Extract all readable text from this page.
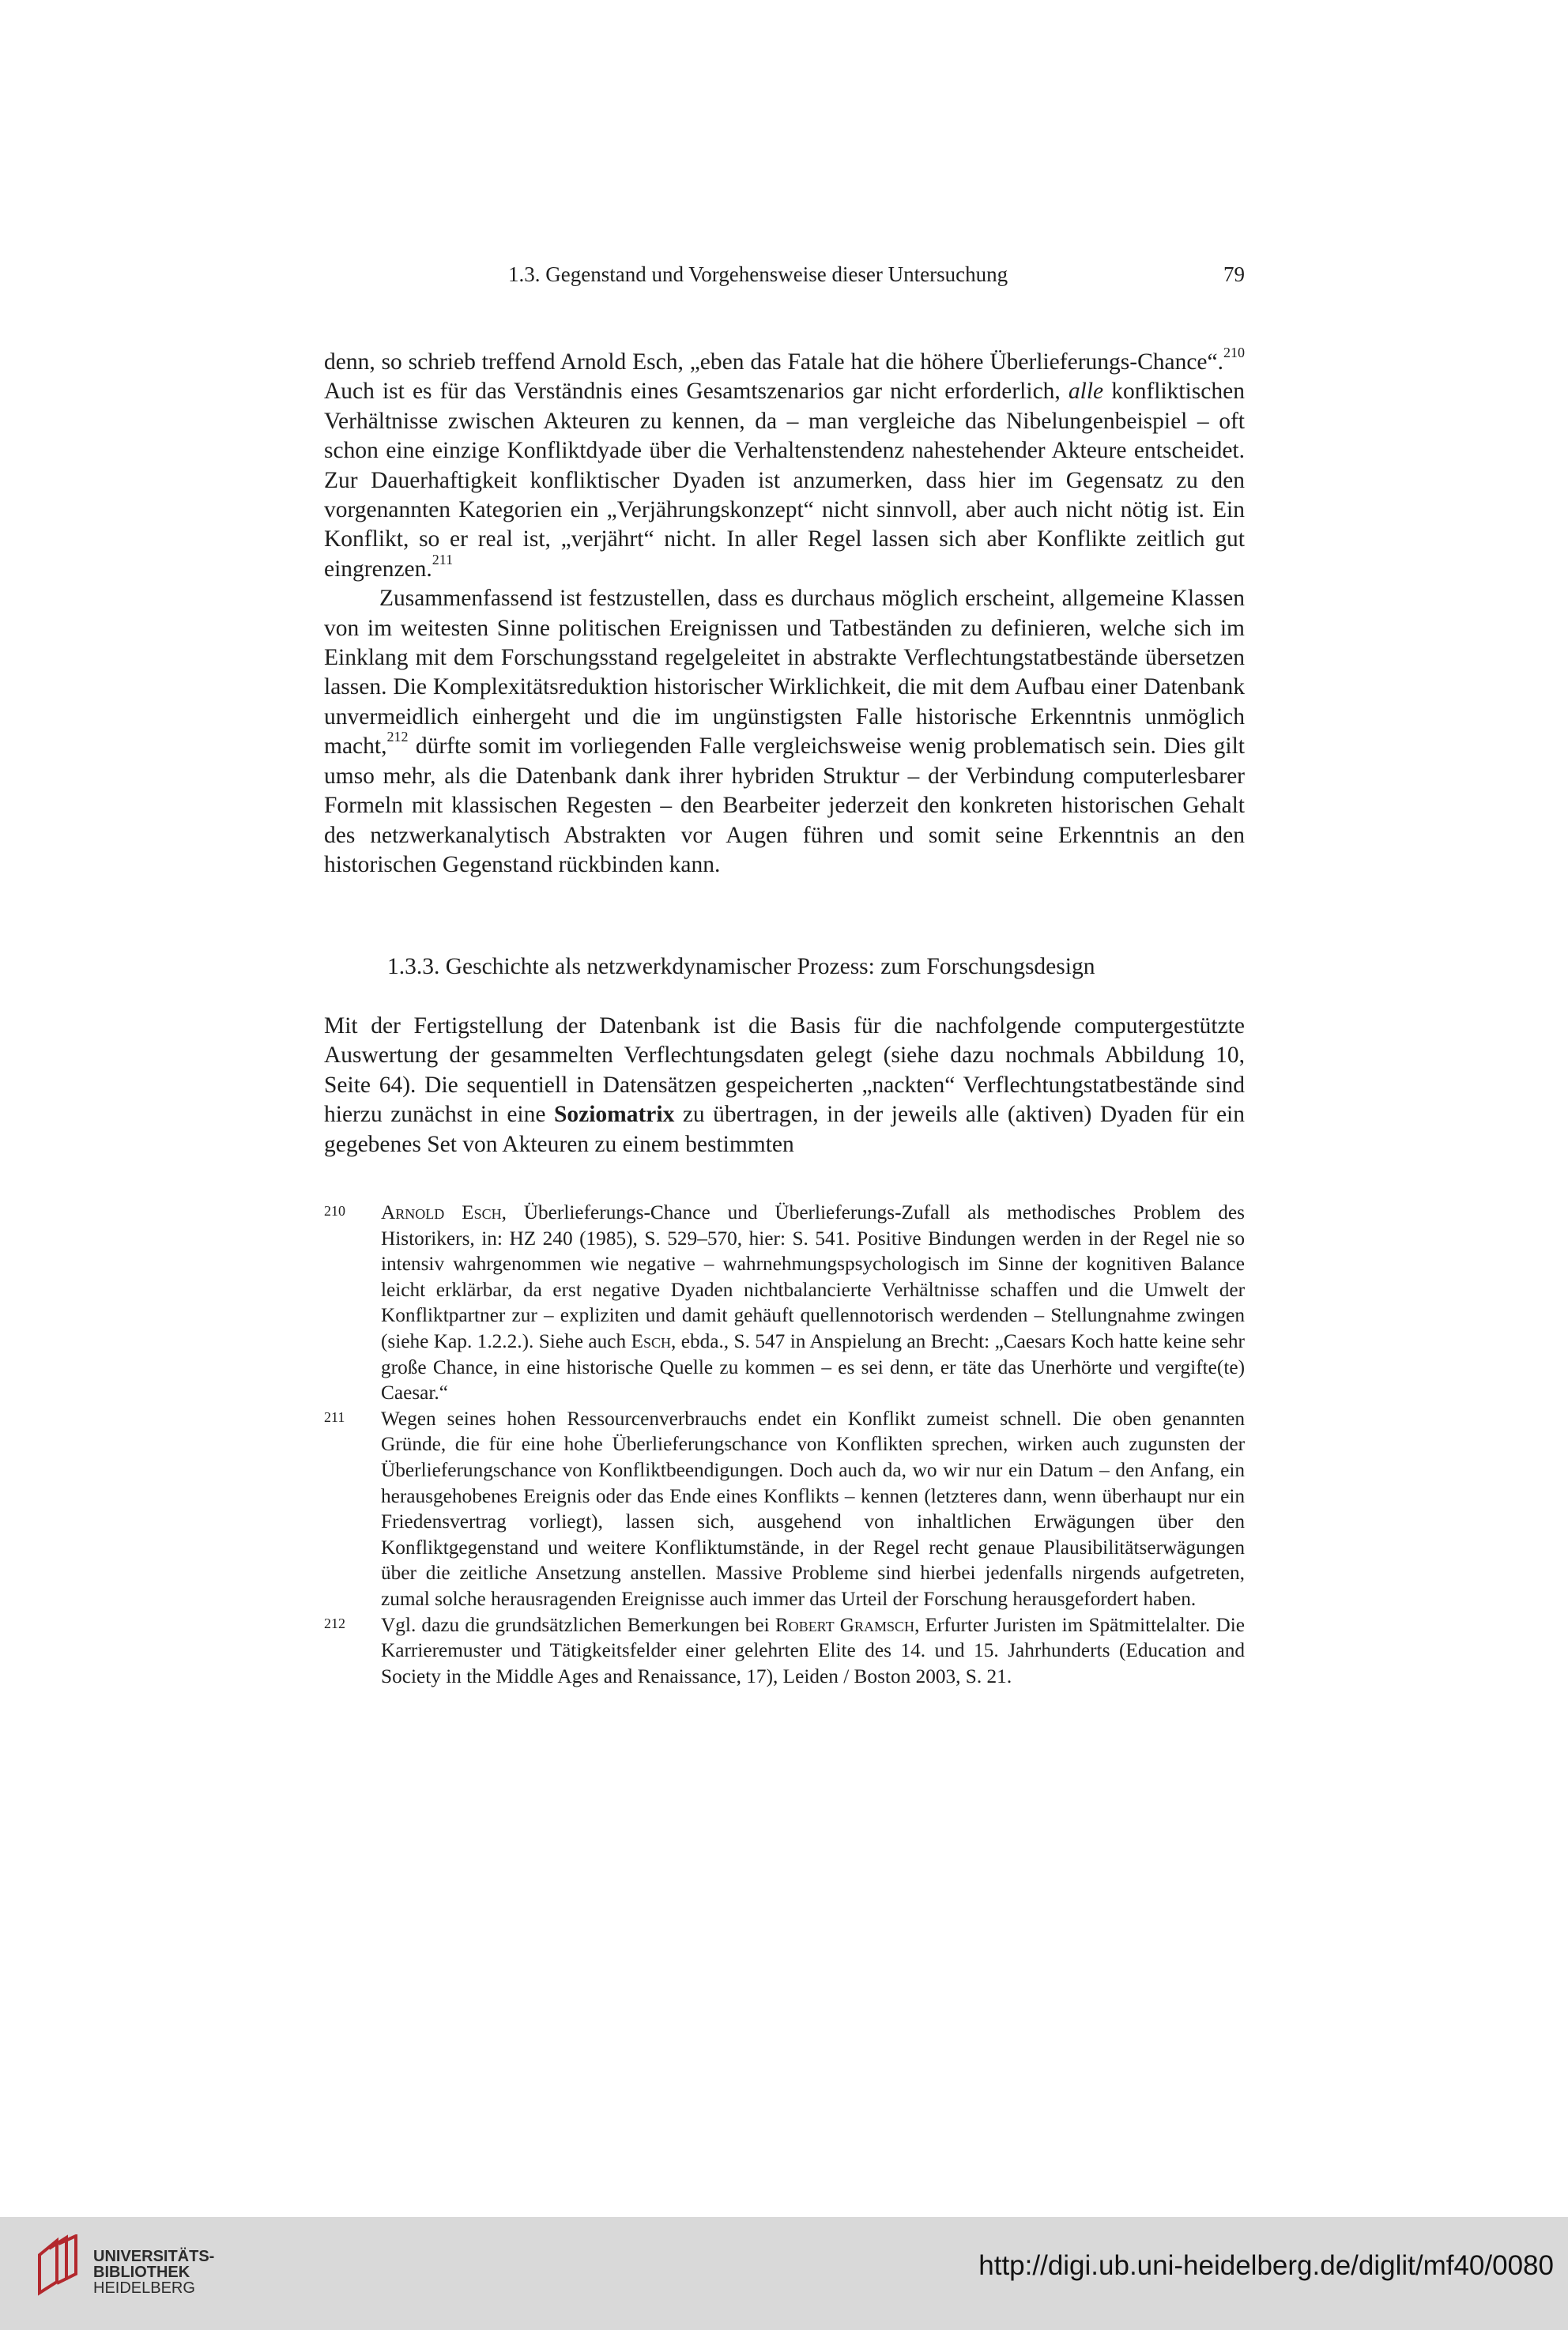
1.3. Gegenstand und Vorgehensweise dieser Untersuchung	79

denn, so schrieb treffend Arnold Esch, „eben das Fatale hat die höhere Überlieferungs-Chance“.$^{210}$ Auch ist es für das Verständnis eines Gesamtszenarios gar nicht erforderlich, alle konfliktischen Verhältnisse zwischen Akteuren zu kennen, da – man vergleiche das Nibelungenbeispiel – oft schon eine einzige Konfliktdyade über die Verhaltenstendenz nahestehender Akteure entscheidet. Zur Dauerhaftigkeit konfliktischer Dyaden ist anzumerken, dass hier im Gegensatz zu den vorgenannten Kategorien ein „Verjährungskonzept“ nicht sinnvoll, aber auch nicht nötig ist. Ein Konflikt, so er real ist, „verjährt“ nicht. In aller Regel lassen sich aber Konflikte zeitlich gut eingrenzen.$^{211}$

Zusammenfassend ist festzustellen, dass es durchaus möglich erscheint, allgemeine Klassen von im weitesten Sinne politischen Ereignissen und Tatbeständen zu definieren, welche sich im Einklang mit dem Forschungsstand regelgeleitet in abstrakte Verflechtungstatbestände übersetzen lassen. Die Komplexitätsreduktion historischer Wirklichkeit, die mit dem Aufbau einer Datenbank unvermeidlich einhergeht und die im ungünstigsten Falle historische Erkenntnis unmöglich macht,$^{212}$ dürfte somit im vorliegenden Falle vergleichsweise wenig problematisch sein. Dies gilt umso mehr, als die Datenbank dank ihrer hybriden Struktur – der Verbindung computerlesbarer Formeln mit klassischen Regesten – den Bearbeiter jederzeit den konkreten historischen Gehalt des netzwerkanalytisch Abstrakten vor Augen führen und somit seine Erkenntnis an den historischen Gegenstand rückbinden kann.

1.3.3. Geschichte als netzwerkdynamischer Prozess: zum Forschungsdesign

Mit der Fertigstellung der Datenbank ist die Basis für die nachfolgende computergestützte Auswertung der gesammelten Verflechtungsdaten gelegt (siehe dazu nochmals Abbildung 10, Seite 64). Die sequentiell in Datensätzen gespeicherten „nackten“ Verflechtungstatbestände sind hierzu zunächst in eine Soziomatrix zu übertragen, in der jeweils alle (aktiven) Dyaden für ein gegebenes Set von Akteuren zu einem bestimmten

210 Arnold Esch, Überlieferungs-Chance und Überlieferungs-Zufall als methodisches Problem des Historikers, in: HZ 240 (1985), S. 529–570, hier: S. 541. Positive Bindungen werden in der Regel nie so intensiv wahrgenommen wie negative – wahrnehmungspsychologisch im Sinne der kognitiven Balance leicht erklärbar, da erst negative Dyaden nichtbalancierte Verhältnisse schaffen und die Umwelt der Konfliktpartner zur – expliziten und damit gehäuft quellennotorisch werdenden – Stellungnahme zwingen (siehe Kap. 1.2.2.). Siehe auch Esch, ebda., S. 547 in Anspielung an Brecht: „Caesars Koch hatte keine sehr große Chance, in eine historische Quelle zu kommen – es sei denn, er täte das Unerhörte und vergifte(te) Caesar.“
211 Wegen seines hohen Ressourcenverbrauchs endet ein Konflikt zumeist schnell. Die oben genannten Gründe, die für eine hohe Überlieferungschance von Konflikten sprechen, wirken auch zugunsten der Überlieferungschance von Konfliktbeendigungen. Doch auch da, wo wir nur ein Datum – den Anfang, ein herausgehobenes Ereignis oder das Ende eines Konflikts – kennen (letzteres dann, wenn überhaupt nur ein Friedensvertrag vorliegt), lassen sich, ausgehend von inhaltlichen Erwägungen über den Konfliktgegenstand und weitere Konfliktumstände, in der Regel recht genaue Plausibilitätserwägungen über die zeitliche Ansetzung anstellen. Massive Probleme sind hierbei jedenfalls nirgends aufgetreten, zumal solche herausragenden Ereignisse auch immer das Urteil der Forschung herausgefordert haben.
212 Vgl. dazu die grundsätzlichen Bemerkungen bei Robert Gramsch, Erfurter Juristen im Spätmittelalter. Die Karrieremuster und Tätigkeitsfelder einer gelehrten Elite des 14. und 15. Jahrhunderts (Education and Society in the Middle Ages and Renaissance, 17), Leiden / Boston 2003, S. 21.
UNIVERSITÄTS-
BIBLIOTHEK
HEIDELBERG
http://digi.ub.uni-heidelberg.de/diglit/mf40/0080
